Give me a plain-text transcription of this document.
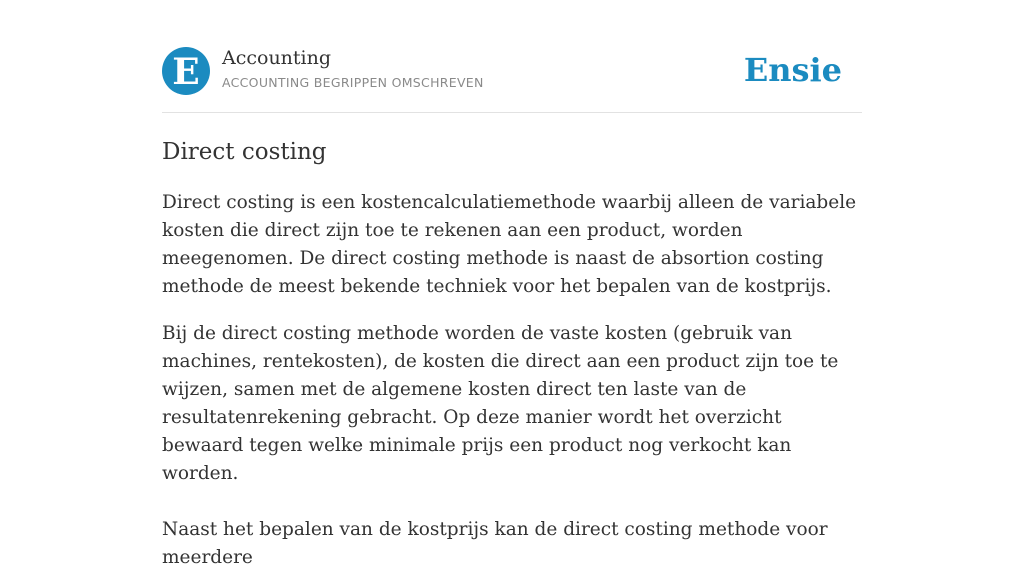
E Accounting
ACCOUNTING BEGRIPPEN OMSCHREVEN	Ensie
Direct costing

Direct costing is een kostencalculatiemethode waarbij alleen de variabele kosten die direct zijn toe te rekenen aan een product, worden meegenomen. De direct costing methode is naast de absortion costing methode de meest bekende techniek voor het bepalen van de kostprijs.

Bij de direct costing methode worden de vaste kosten (gebruik van machines, rentekosten), de kosten die direct aan een product zijn toe te wijzen, samen met de algemene kosten direct ten laste van de resultatenrekening gebracht. Op deze manier wordt het overzicht bewaard tegen welke minimale prijs een product nog verkocht kan worden.

Naast het bepalen van de kostprijs kan de direct costing methode voor meerdere
